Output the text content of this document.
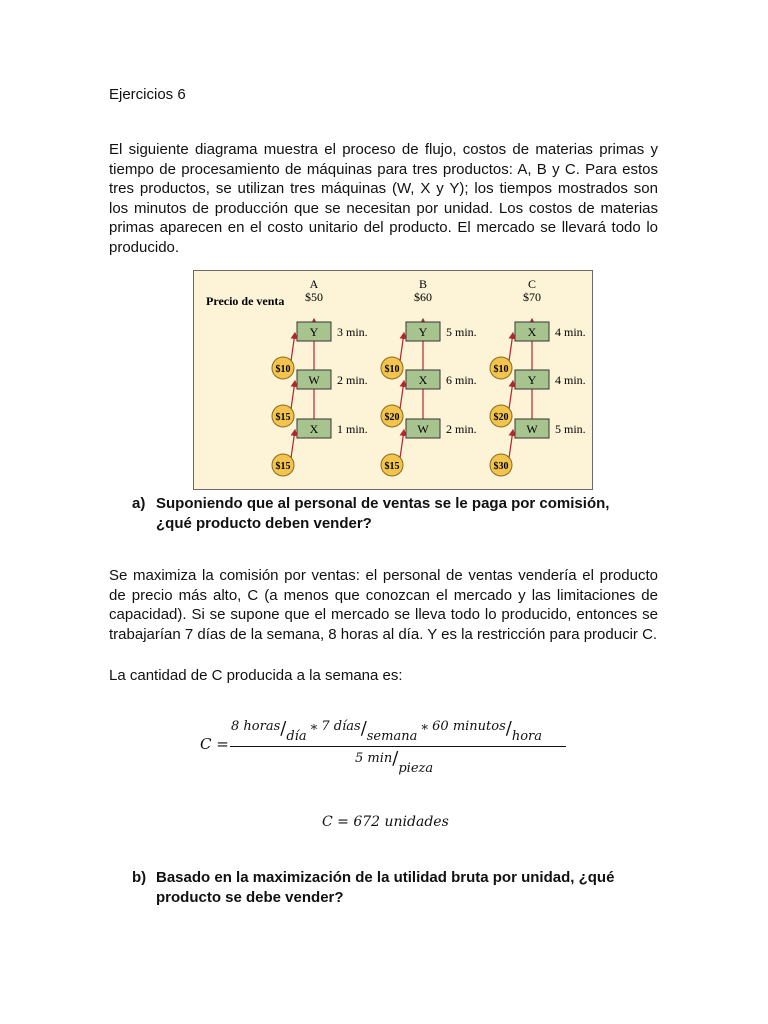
Ejercicios 6
El siguiente diagrama muestra el proceso de flujo, costos de materias primas y tiempo de procesamiento de máquinas para tres productos: A, B y C. Para estos tres productos, se utilizan tres máquinas (W, X y Y); los tiempos mostrados son los minutos de producción que se necesitan por unidad. Los costos de materias primas aparecen en el costo unitario del producto. El mercado se llevará todo lo producido.
Precio de venta
A
$50
Y 3 min.
W 2 min.
X 1 min.
$10
$15
$15
B
$60
Y 5 min.
X 6 min.
W 2 min.
$10
$20
$15
C
$70
X 4 min.
Y 4 min.
W 5 min.
$10
$20
$30
a) Suponiendo que al personal de ventas se le paga por comisión, ¿qué producto deben vender?
Se maximiza la comisión por ventas: el personal de ventas vendería el producto de precio más alto, C (a menos que conozcan el mercado y las limitaciones de capacidad). Si se supone que el mercado se lleva todo lo producido, entonces se trabajarían 7 días de la semana, 8 horas al día. Y es la restricción para producir C.
La cantidad de C producida a la semana es:
C =
8 horas/día * 7 días/semana * 60 minutos/hora
5 min/pieza
C = 672 unidades
b) Basado en la maximización de la utilidad bruta por unidad, ¿qué producto se debe vender?
